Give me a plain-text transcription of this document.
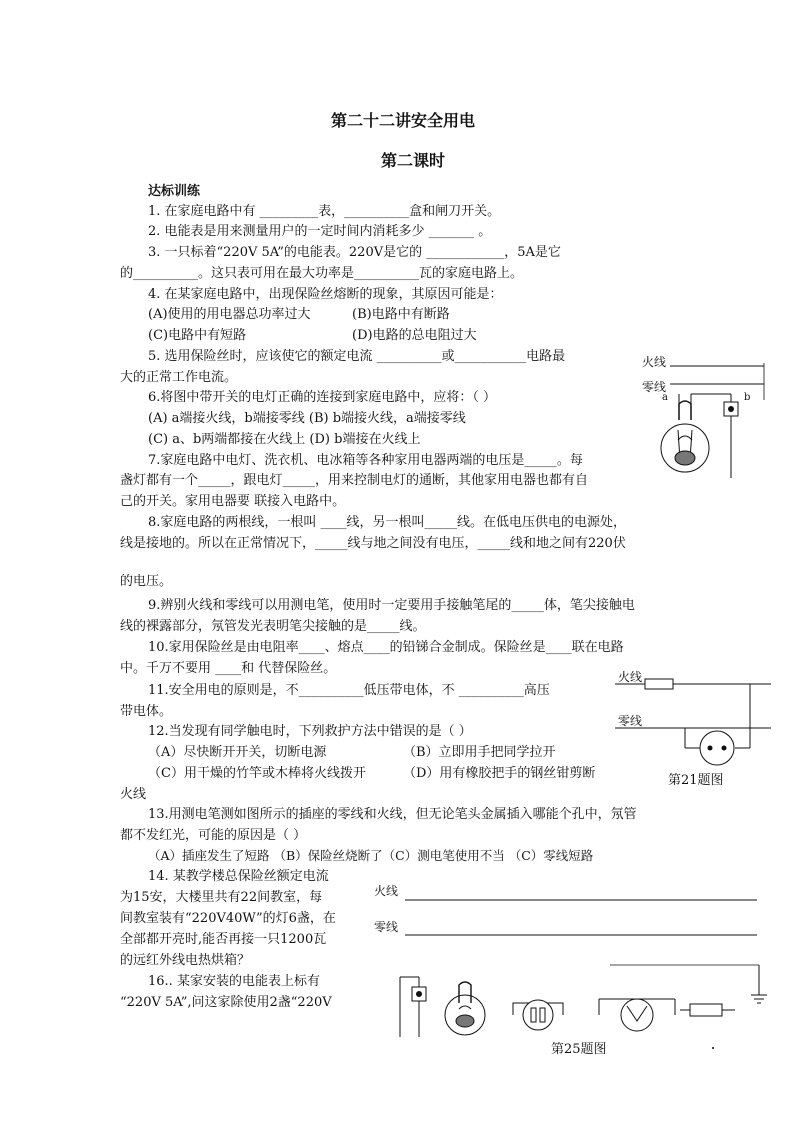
第二十二讲安全用电
第二课时
达标训练
1. 在家庭电路中有 _________表，__________盒和闸刀开关。
2. 电能表是用来测量用户的一定时间内消耗多少 _______ 。
3. 一只标着“220V 5A”的电能表。220V是它的 ____________，5A是它
的__________。这只表可用在最大功率是__________瓦的家庭电路上。
4. 在某家庭电路中，出现保险丝熔断的现象，其原因可能是：
(A)使用的用电器总功率过大	(B)电路中有断路
(C)电路中有短路	(D)电路的总电阻过大
5. 选用保险丝时，应该使它的额定电流 __________或___________电路最
大的正常工作电流。
6.将图中带开关的电灯正确的连接到家庭电路中，应将：（ ）
(A) a端接火线，b端接零线 (B) b端接火线，a端接零线
(C) a、b两端都接在火线上 (D) b端接在火线上
7.家庭电路中电灯、洗衣机、电冰箱等各种家用电器两端的电压是_____。每
盏灯都有一个_____，跟电灯_____，用来控制电灯的通断，其他家用电器也都有自
己的开关。家用电器要 联接入电路中。
8.家庭电路的两根线，一根叫 ____线，另一根叫_____线。在低电压供电的电源处，
线是接地的。所以在正常情况下，_____线与地之间没有电压，_____线和地之间有220伏
的电压。
9.辨别火线和零线可以用测电笔，使用时一定要用手接触笔尾的_____体，笔尖接触电
线的裸露部分，氖管发光表明笔尖接触的是_____线。
10.家用保险丝是由电阻率____、熔点____的铅锑合金制成。保险丝是____联在电路
中。千万不要用 ____和 代替保险丝。
11.安全用电的原则是，不__________低压带电体，不 __________高压
带电体。
12.当发现有同学触电时，下列救护方法中错误的是（ ）
（A）尽快断开开关，切断电源	（B）立即用手把同学拉开
（C）用干燥的竹竿或木棒将火线拨开	（D）用有橡胶把手的钢丝钳剪断
火线
13.用测电笔测如图所示的插座的零线和火线，但无论笔头金属插入哪能个孔中，氖管
都不发红光，可能的原因是（ ）
（A）插座发生了短路 （B）保险丝烧断了（C）测电笔使用不当 （C）零线短路
14. 某教学楼总保险丝额定电流
为15安，大楼里共有22间教室，每
间教室装有“220V40W”的灯6盏，在
全部都开亮时,能否再接一只1200瓦
的远红外线电热烘箱？
16.. 某家安装的电能表上标有
“220V 5A”,问这家除使用2盏“220V
火线
零线
a	b
火线
零线
第21题图
火线
零线
第25题图
